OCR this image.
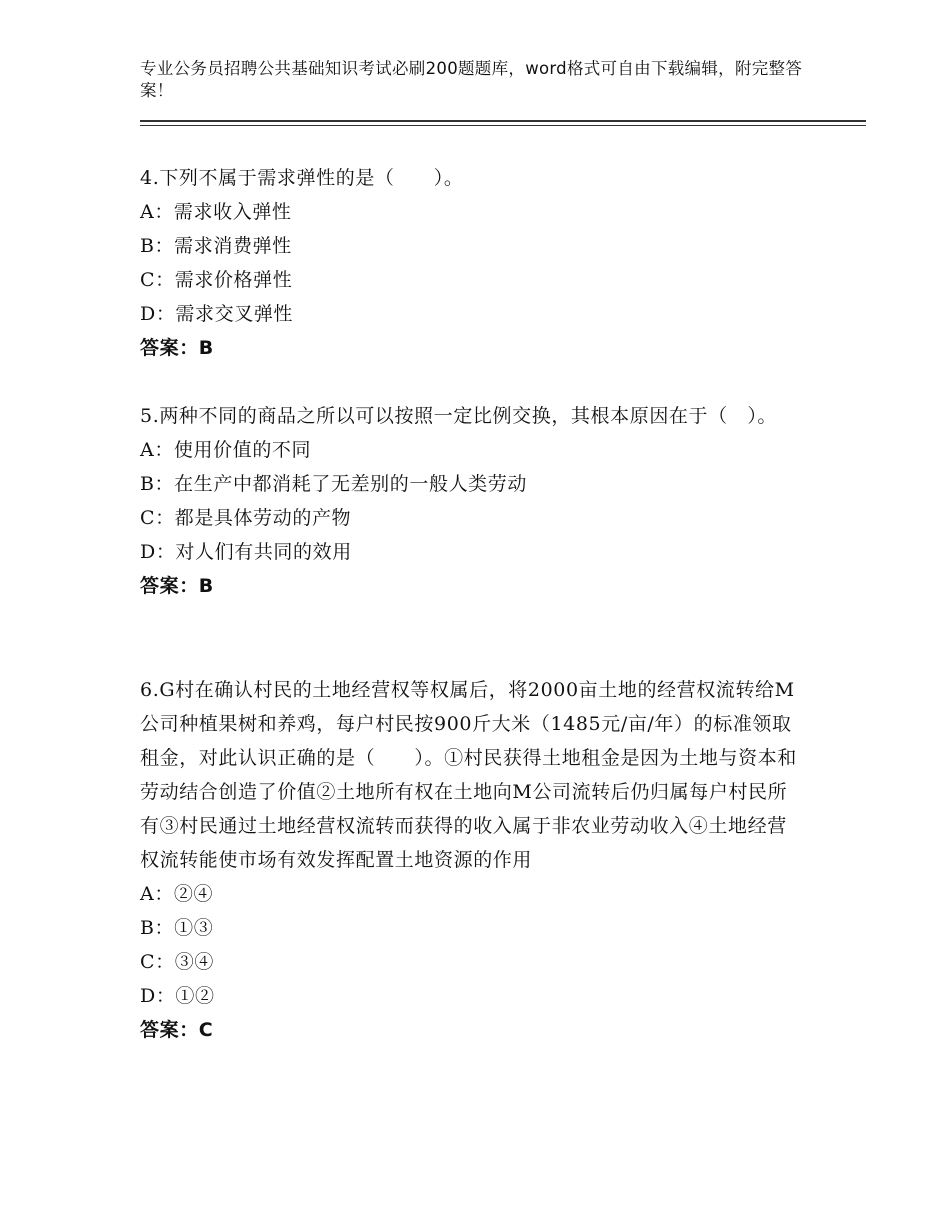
专业公务员招聘公共基础知识考试必刷200题题库，word格式可自由下载编辑，附完整答案！

4.下列不属于需求弹性的是（　　）。

A：需求收入弹性

B：需求消费弹性

C：需求价格弹性

D：需求交叉弹性

答案：B

5.两种不同的商品之所以可以按照一定比例交换，其根本原因在于（　）。

A：使用价值的不同

B：在生产中都消耗了无差别的一般人类劳动

C：都是具体劳动的产物

D：对人们有共同的效用

答案：B

6.G村在确认村民的土地经营权等权属后，将2000亩土地的经营权流转给M公司种植果树和养鸡，每户村民按900斤大米（1485元/亩/年）的标准领取租金，对此认识正确的是（　　）。①村民获得土地租金是因为土地与资本和劳动结合创造了价值②土地所有权在土地向M公司流转后仍归属每户村民所有③村民通过土地经营权流转而获得的收入属于非农业劳动收入④土地经营权流转能使市场有效发挥配置土地资源的作用

A：②④

B：①③

C：③④

D：①②

答案：C
